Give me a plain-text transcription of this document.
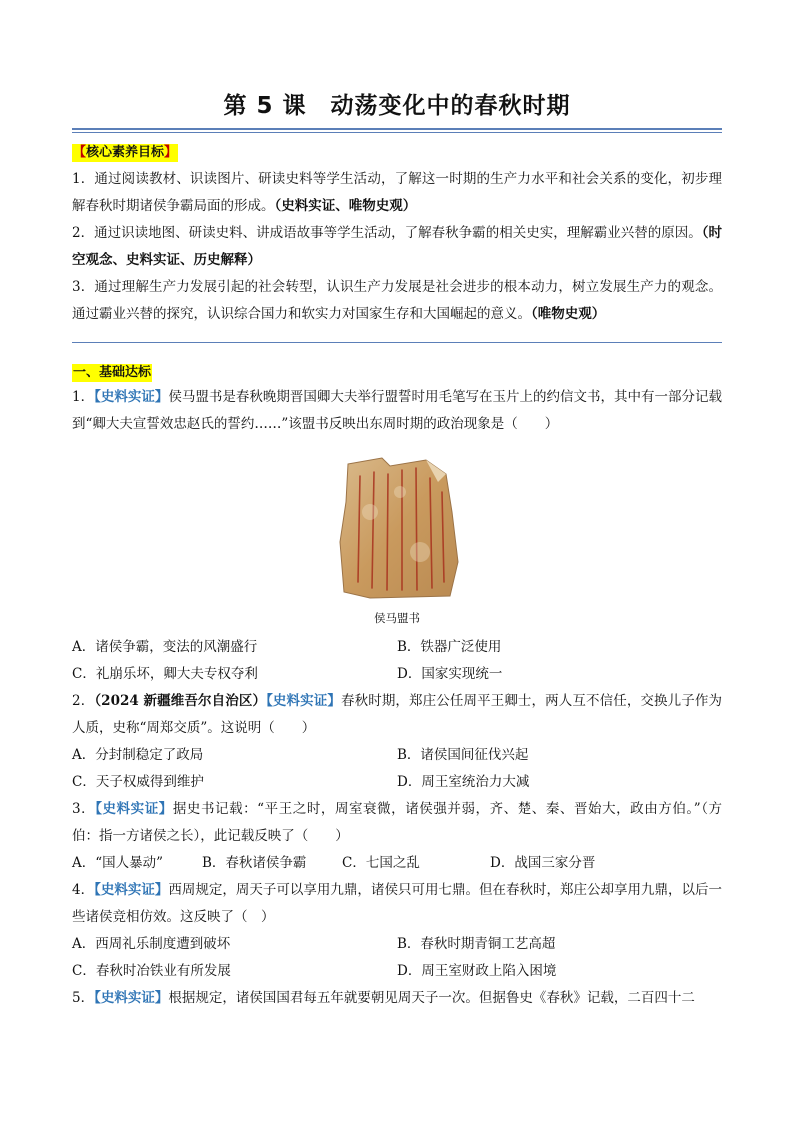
第 5 课　动荡变化中的春秋时期
【核心素养目标】

1．通过阅读教材、识读图片、研读史料等学生活动，了解这一时期的生产力水平和社会关系的变化，初步理解春秋时期诸侯争霸局面的形成。（史料实证、唯物史观）

2．通过识读地图、研读史料、讲成语故事等学生活动，了解春秋争霸的相关史实，理解霸业兴替的原因。（时空观念、史料实证、历史解释）

3．通过理解生产力发展引起的社会转型，认识生产力发展是社会进步的根本动力，树立发展生产力的观念。通过霸业兴替的探究，认识综合国力和软实力对国家生存和大国崛起的意义。（唯物史观）

一、基础达标

1．【史料实证】侯马盟书是春秋晚期晋国卿大夫举行盟誓时用毛笔写在玉片上的约信文书，其中有一部分记载到“卿大夫宣誓效忠赵氏的誓约……”该盟书反映出东周时期的政治现象是（　　）

侯马盟书
A．诸侯争霸，变法的风潮盛行	B．铁器广泛使用
C．礼崩乐坏，卿大夫专权夺利	D．国家实现统一

2．（2024 新疆维吾尔自治区）【史料实证】春秋时期，郑庄公任周平王卿士，两人互不信任，交换儿子作为人质，史称“周郑交质”。这说明（　　）

A．分封制稳定了政局	B．诸侯国间征伐兴起
C．天子权威得到维护	D．周王室统治力大减

3．【史料实证】据史书记载：“平王之时，周室衰微，诸侯强并弱，齐、楚、秦、晋始大，政由方伯。”（方伯：指一方诸侯之长），此记载反映了（　　）

A．“国人暴动”	B．春秋诸侯争霸	C．七国之乱	D．战国三家分晋

4．【史料实证】西周规定，周天子可以享用九鼎，诸侯只可用七鼎。但在春秋时，郑庄公却享用九鼎，以后一些诸侯竞相仿效。这反映了（　）

A．西周礼乐制度遭到破坏	B．春秋时期青铜工艺高超
C．春秋时冶铁业有所发展	D．周王室财政上陷入困境

5．【史料实证】根据规定，诸侯国国君每五年就要朝见周天子一次。但据鲁史《春秋》记载，二百四十二
